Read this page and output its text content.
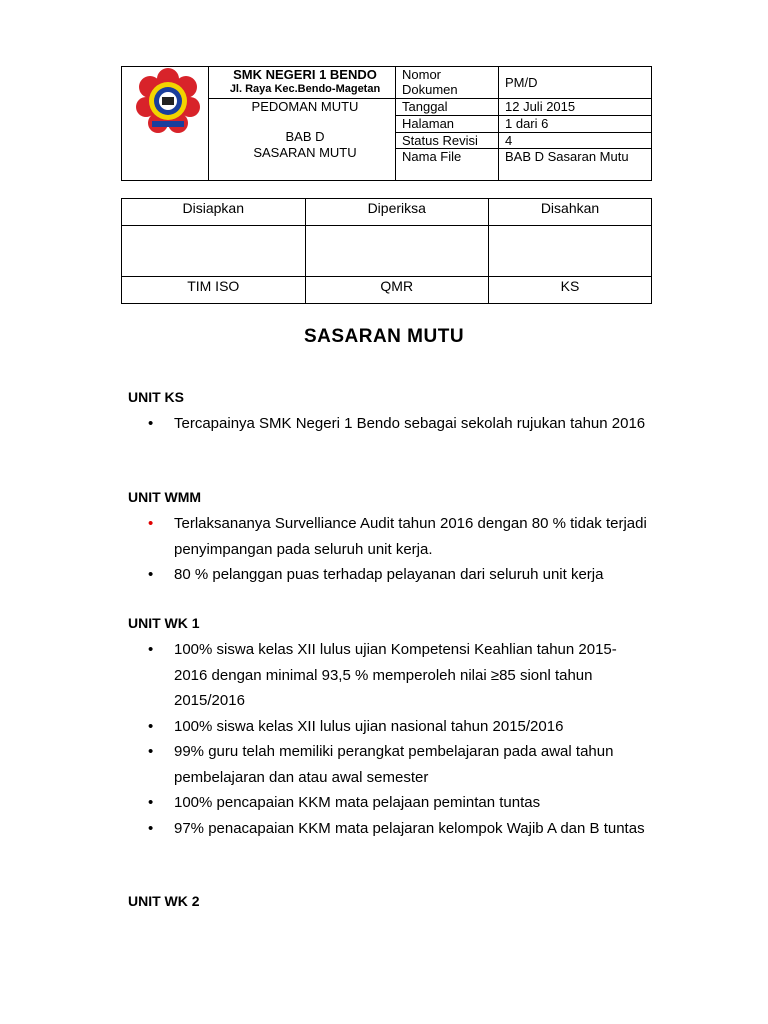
SMK NEGERI 1 BENDO
Jl. Raya Kec.Bendo-Magetan	Nomor Dokumen	PM/D

	PEDOMAN MUTU
BAB D
SASARAN MUTU	Tanggal	12 Juli 2015
		Halaman	1 dari 6
		Status Revisi	4
		Nama File	BAB D Sasaran Mutu
Disiapkan	Diperiksa	Disahkan

TIM ISO	QMR	KS
SASARAN MUTU
UNIT KS
• Tercapainya SMK Negeri 1 Bendo sebagai sekolah rujukan tahun 2016
UNIT WMM
• Terlaksananya Survelliance Audit tahun 2016 dengan 80 % tidak terjadi penyimpangan pada seluruh unit kerja.
• 80 % pelanggan puas terhadap pelayanan dari seluruh unit kerja
UNIT WK 1
• 100% siswa kelas XII lulus ujian Kompetensi Keahlian tahun 2015-2016 dengan minimal 93,5 % memperoleh nilai ≥85 sionl tahun 2015/2016
• 100% siswa kelas XII lulus ujian nasional tahun 2015/2016
• 99% guru telah memiliki perangkat pembelajaran pada awal tahun pembelajaran dan atau awal semester
• 100% pencapaian KKM mata pelajaan pemintan tuntas
• 97% penacapaian KKM mata pelajaran kelompok Wajib A dan B tuntas
UNIT WK 2
